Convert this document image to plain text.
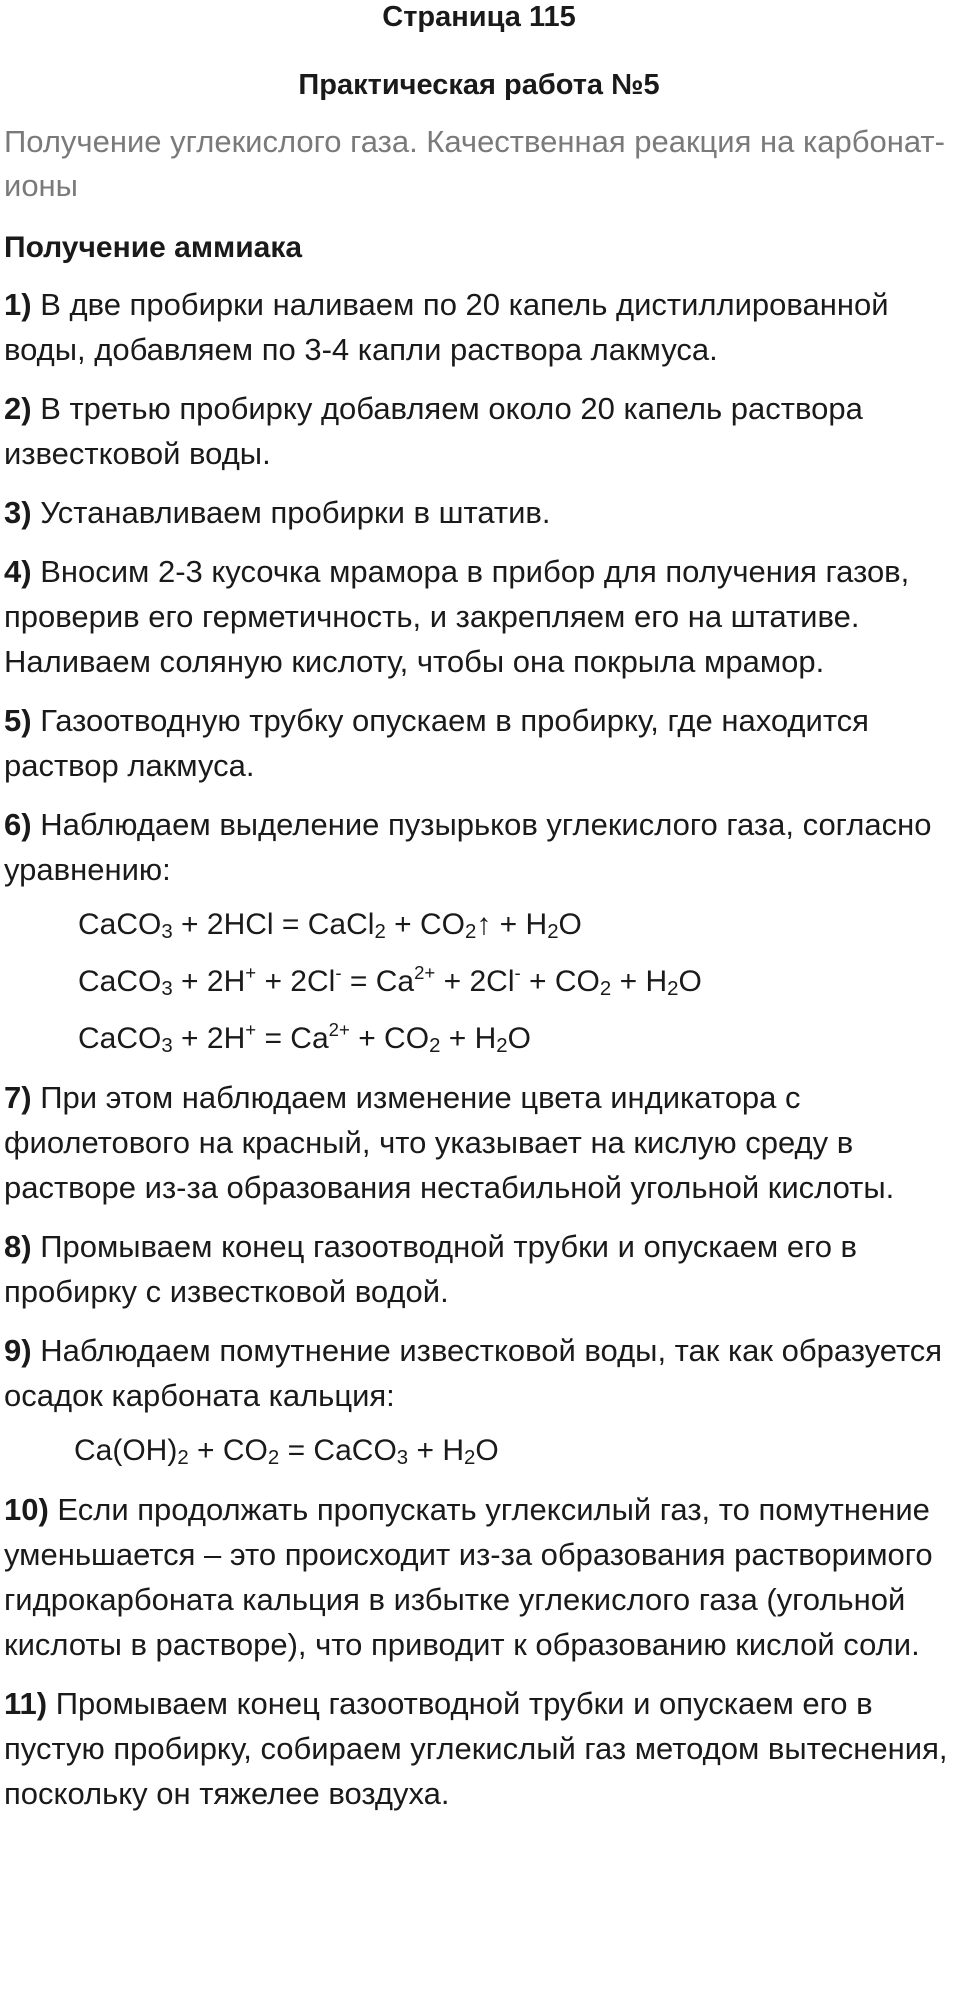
Страница 115
Практическая работа №5

Получение углекислого газа. Качественная реакция на карбонат-ионы

Получение аммиака

1) В две пробирки наливаем по 20 капель дистиллированной воды, добавляем по 3-4 капли раствора лакмуса.

2) В третью пробирку добавляем около 20 капель раствора известковой воды.

3) Устанавливаем пробирки в штатив.

4) Вносим 2-3 кусочка мрамора в прибор для получения газов, проверив его герметичность, и закрепляем его на штативе. Наливаем соляную кислоту, чтобы она покрыла мрамор.

5) Газоотводную трубку опускаем в пробирку, где находится раствор лакмуса.

6) Наблюдаем выделение пузырьков углекислого газа, согласно уравнению:

CaCO$_3$ + 2HCl = CaCl$_2$ + $CO_2↑ + H_2O$
CaCO$_3$ + $2H^+ + 2Cl^- = Ca^{2+} + 2Cl^- + CO_2 + H_2O$
CaCO$_3$ + $2H^+ = Ca^{2+} + CO_2 + H_2O$

7) При этом наблюдаем изменение цвета индикатора с фиолетового на красный, что указывает на кислую среду в растворе из-за образования нестабильной угольной кислоты.

8) Промываем конец газоотводной трубки и опускаем его в пробирку с известковой водой.

9) Наблюдаем помутнение известковой воды, так как образуется осадок карбоната кальция:

$Ca(OH)_2 + CO_2$ = CaCO$_3$ + $H_2O$

10) Если продолжать пропускать углексилый газ, то помутнение уменьшается – это происходит из-за образования растворимого гидрокарбоната кальция в избытке углекислого газа (угольной кислоты в растворе), что приводит к образованию кислой соли.

11) Промываем конец газоотводной трубки и опускаем его в пустую пробирку, собираем углекислый газ методом вытеснения, поскольку он тяжелее воздуха.
